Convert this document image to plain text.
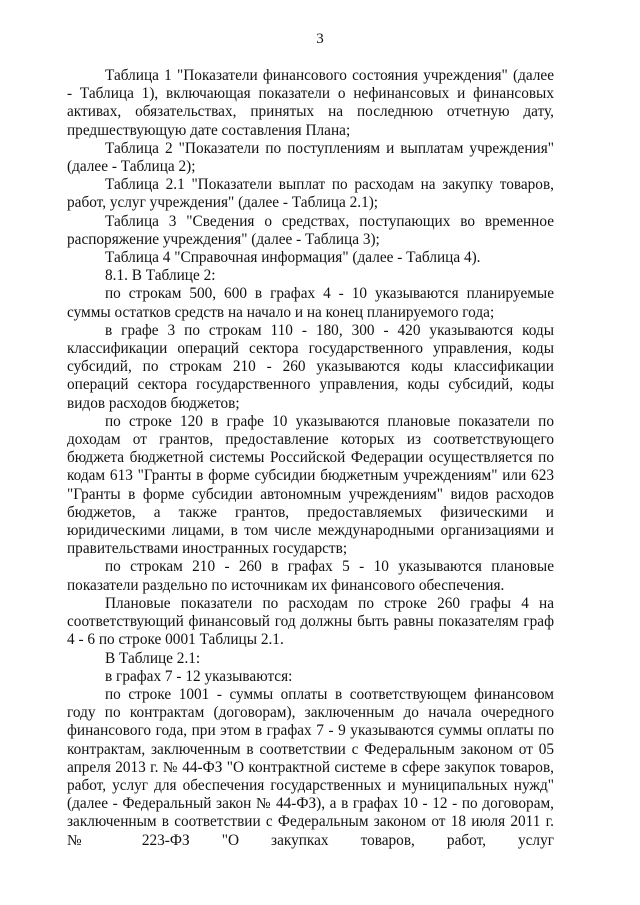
3

Таблица 1 "Показатели финансового состояния учреждения" (далее - Таблица 1), включающая показатели о нефинансовых и финансовых активах, обязательствах, принятых на последнюю отчетную дату, предшествующую дате составления Плана;

Таблица 2 "Показатели по поступлениям и выплатам учреждения" (далее - Таблица 2);

Таблица 2.1 "Показатели выплат по расходам на закупку товаров, работ, услуг учреждения" (далее - Таблица 2.1);

Таблица 3 "Сведения о средствах, поступающих во временное распоряжение учреждения" (далее - Таблица 3);

Таблица 4 "Справочная информация" (далее - Таблица 4).

8.1. В Таблице 2:

по строкам 500, 600 в графах 4 - 10 указываются планируемые суммы остатков средств на начало и на конец планируемого года;

в графе 3 по строкам 110 - 180, 300 - 420 указываются коды классификации операций сектора государственного управления, коды субсидий, по строкам 210 - 260 указываются коды классификации операций сектора государственного управления, коды субсидий, коды видов расходов бюджетов;

по строке 120 в графе 10 указываются плановые показатели по доходам от грантов, предоставление которых из соответствующего бюджета бюджетной системы Российской Федерации осуществляется по кодам 613 "Гранты в форме субсидии бюджетным учреждениям" или 623 "Гранты в форме субсидии автономным учреждениям" видов расходов бюджетов, а также грантов, предоставляемых физическими и юридическими лицами, в том числе международными организациями и правительствами иностранных государств;

по строкам 210 - 260 в графах 5 - 10 указываются плановые показатели раздельно по источникам их финансового обеспечения.

Плановые показатели по расходам по строке 260 графы 4 на соответствующий финансовый год должны быть равны показателям граф 4 - 6 по строке 0001 Таблицы 2.1.

В Таблице 2.1:

в графах 7 - 12 указываются:

по строке 1001 - суммы оплаты в соответствующем финансовом году по контрактам (договорам), заключенным до начала очередного финансового года, при этом в графах 7 - 9 указываются суммы оплаты по контрактам, заключенным в соответствии с Федеральным законом от 05 апреля 2013 г. № 44-ФЗ "О контрактной системе в сфере закупок товаров, работ, услуг для обеспечения государственных и муниципальных нужд" (далее - Федеральный закон № 44-ФЗ), а в графах 10 - 12 - по договорам, заключенным в соответствии с Федеральным законом от 18 июля 2011 г. № 223-ФЗ "О закупках товаров, работ, услуг
